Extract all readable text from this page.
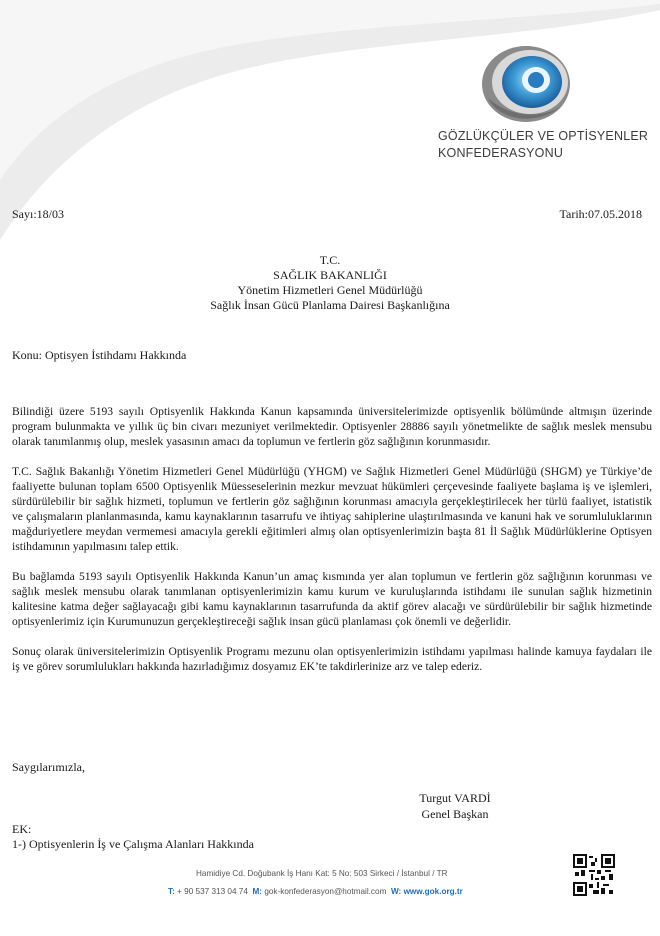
GÖZLÜKÇÜLER VE OPTİSYENLER
KONFEDERASYONU
Sayı:18/03	Tarih:07.05.2018
T.C.
SAĞLIK BAKANLIĞI
Yönetim Hizmetleri Genel Müdürlüğü
Sağlık İnsan Gücü Planlama Dairesi Başkanlığına
Konu: Optisyen İstihdamı Hakkında

Bilindiği üzere 5193 sayılı Optisyenlik Hakkında Kanun kapsamında üniversitelerimizde optisyenlik bölümünde altmışın üzerinde program bulunmakta ve yıllık üç bin civarı mezuniyet verilmektedir. Optisyenler 28886 sayılı yönetmelikte de sağlık meslek mensubu olarak tanımlanmış olup, meslek yasasının amacı da toplumun ve fertlerin göz sağlığının korunmasıdır.

T.C. Sağlık Bakanlığı Yönetim Hizmetleri Genel Müdürlüğü (YHGM) ve Sağlık Hizmetleri Genel Müdürlüğü (SHGM) ye Türkiye’de faaliyette bulunan toplam 6500 Optisyenlik Müesseselerinin mezkur mevzuat hükümleri çerçevesinde faaliyete başlama iş ve işlemleri, sürdürülebilir bir sağlık hizmeti, toplumun ve fertlerin göz sağlığının korunması amacıyla gerçekleştirilecek her türlü faaliyet, istatistik ve çalışmaların planlanmasında, kamu kaynaklarının tasarrufu ve ihtiyaç sahiplerine ulaştırılmasında ve kanuni hak ve sorumluluklarının mağduriyetlere meydan vermemesi amacıyla gerekli eğitimleri almış olan optisyenlerimizin başta 81 İl Sağlık Müdürlüklerine Optisyen istihdamının yapılmasını talep ettik.

Bu bağlamda 5193 sayılı Optisyenlik Hakkında Kanun’un amaç kısmında yer alan toplumun ve fertlerin göz sağlığının korunması ve sağlık meslek mensubu olarak tanımlanan optisyenlerimizin kamu kurum ve kuruluşlarında istihdamı ile sunulan sağlık hizmetinin kalitesine katma değer sağlayacağı gibi kamu kaynaklarının tasarrufunda da aktif görev alacağı ve sürdürülebilir bir sağlık hizmetinde optisyenlerimiz için Kurumunuzun gerçekleştireceği sağlık insan gücü planlaması çok önemli ve değerlidir.

Sonuç olarak üniversitelerimizin Optisyenlik Programı mezunu olan optisyenlerimizin istihdamı yapılması halinde kamuya faydaları ile iş ve görev sorumlulukları hakkında hazırladığımız dosyamız EK’te takdirlerinize arz ve talep ederiz.

Saygılarımızla,
Turgut VARDİ
Genel Başkan
EK:
1-) Optisyenlerin İş ve Çalışma Alanları Hakkında
Hamidiye Cd. Doğubank İş Hanı Kat: 5 No: 503 Sirkeci / İstanbul / TR
T: + 90 537 313 04 74 M: gok-konfederasyon@hotmail.com W: www.gok.org.tr
